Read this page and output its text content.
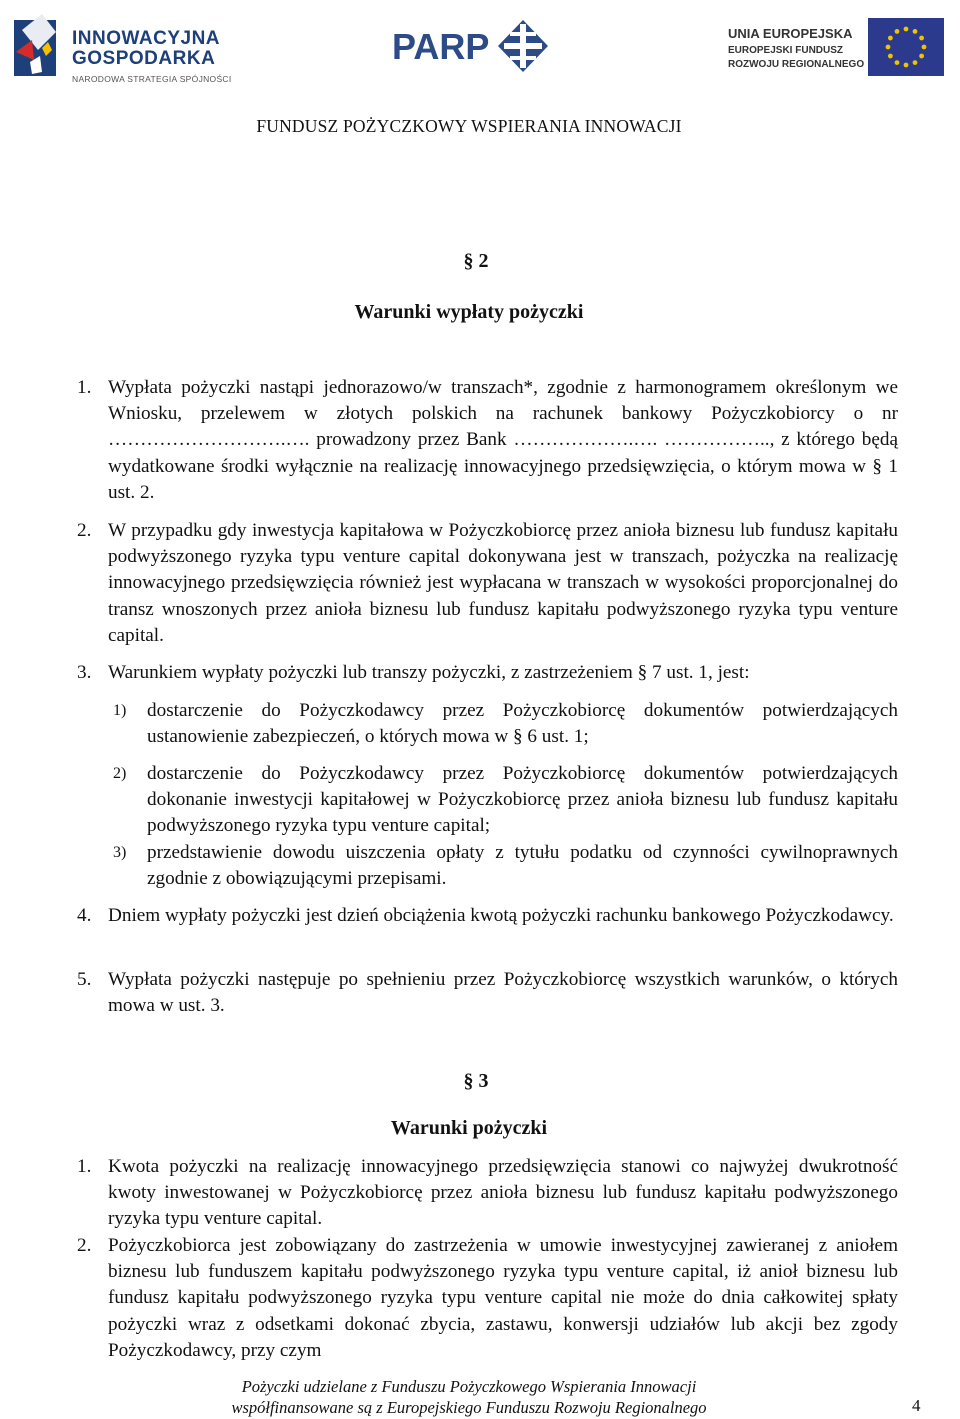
INNOWACYJNA
GOSPODARKA
NARODOWA STRATEGIA SPÓJNOŚCI
PARP	UNIA EUROPEJSKA
EUROPEJSKI FUNDUSZ
ROZWOJU REGIONALNEGO
FUNDUSZ POŻYCZKOWY WSPIERANIA INNOWACJI
§ 2
Warunki wypłaty pożyczki
1. Wypłata pożyczki nastąpi jednorazowo/w transzach*, zgodnie z harmonogramem określonym we Wniosku, przelewem w złotych polskich na rachunek bankowy Pożyczkobiorcy o nr ……………………….…. prowadzony przez Bank ……………….…. …………….., z którego będą wydatkowane środki wyłącznie na realizację innowacyjnego przedsięwzięcia, o którym mowa w § 1 ust. 2.
2. W przypadku gdy inwestycja kapitałowa w Pożyczkobiorcę przez anioła biznesu lub fundusz kapitału podwyższonego ryzyka typu venture capital dokonywana jest w transzach, pożyczka na realizację innowacyjnego przedsięwzięcia również jest wypłacana w transzach w wysokości proporcjonalnej do transz wnoszonych przez anioła biznesu lub fundusz kapitału podwyższonego ryzyka typu venture capital.
3. Warunkiem wypłaty pożyczki lub transzy pożyczki, z zastrzeżeniem § 7 ust. 1, jest:
1) dostarczenie do Pożyczkodawcy przez Pożyczkobiorcę dokumentów potwierdzających ustanowienie zabezpieczeń, o których mowa w § 6 ust. 1;
2) dostarczenie do Pożyczkodawcy przez Pożyczkobiorcę dokumentów potwierdzających dokonanie inwestycji kapitałowej w Pożyczkobiorcę przez anioła biznesu lub fundusz kapitału podwyższonego ryzyka typu venture capital;
3) przedstawienie dowodu uiszczenia opłaty z tytułu podatku od czynności cywilnoprawnych zgodnie z obowiązującymi przepisami.
4. Dniem wypłaty pożyczki jest dzień obciążenia kwotą pożyczki rachunku bankowego Pożyczkodawcy.
5. Wypłata pożyczki następuje po spełnieniu przez Pożyczkobiorcę wszystkich warunków, o których mowa w ust. 3.
§ 3
Warunki pożyczki
1. Kwota pożyczki na realizację innowacyjnego przedsięwzięcia stanowi co najwyżej dwukrotność kwoty inwestowanej w Pożyczkobiorcę przez anioła biznesu lub fundusz kapitału podwyższonego ryzyka typu venture capital.
2. Pożyczkobiorca jest zobowiązany do zastrzeżenia w umowie inwestycyjnej zawieranej z aniołem biznesu lub funduszem kapitału podwyższonego ryzyka typu venture capital, iż anioł biznesu lub fundusz kapitału podwyższonego ryzyka typu venture capital nie może do dnia całkowitej spłaty pożyczki wraz z odsetkami dokonać zbycia, zastawu, konwersji udziałów lub akcji bez zgody Pożyczkodawcy, przy czym
Pożyczki udzielane z Funduszu Pożyczkowego Wspierania Innowacji
współfinansowane są z Europejskiego Funduszu Rozwoju Regionalnego	4
